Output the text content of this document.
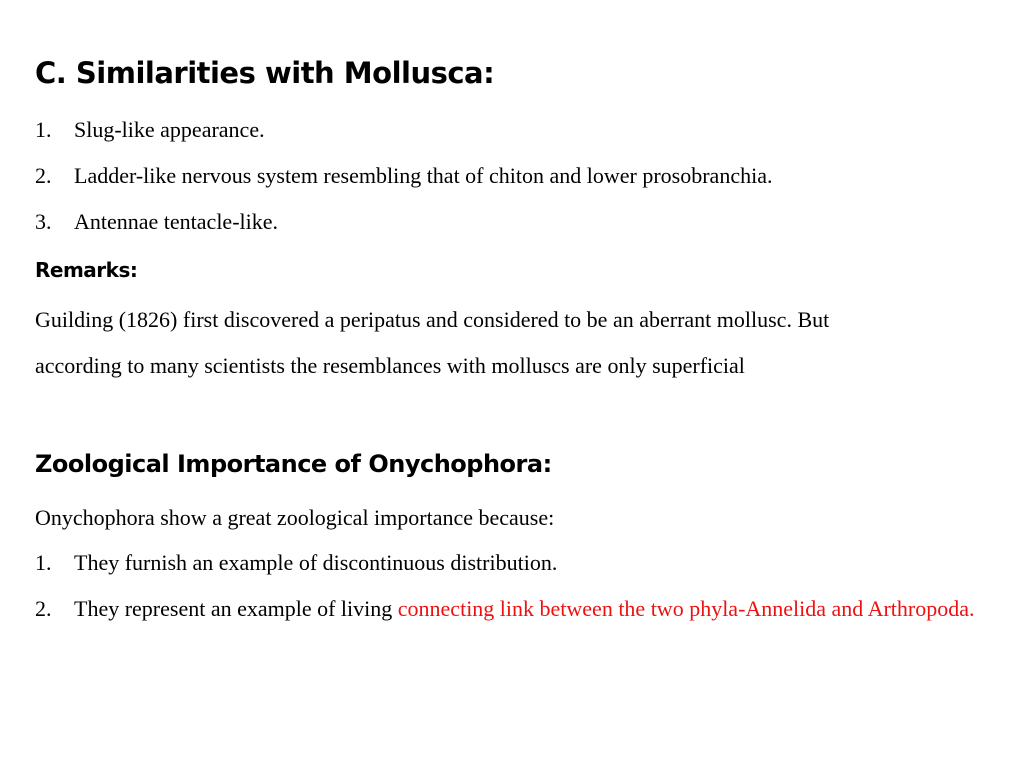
C. Similarities with Mollusca:
1. Slug-like appearance.
2. Ladder-like nervous system resembling that of chiton and lower prosobranchia.
3. Antennae tentacle-like.
Remarks:
Guilding (1826) first discovered a peripatus and considered to be an aberrant mollusc. But
according to many scientists the resemblances with molluscs are only superficial
Zoological Importance of Onychophora:
Onychophora show a great zoological importance because:
1. They furnish an example of discontinuous distribution.
2. They represent an example of living connecting link between the two phyla-Annelida and Arthropoda.
